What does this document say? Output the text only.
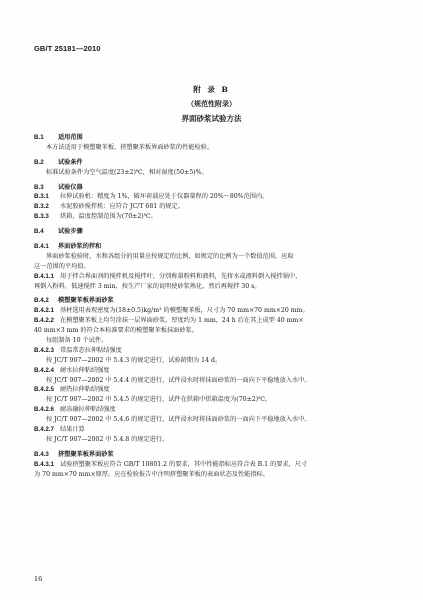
GB/T 25181—2010
附 录 B
（规范性附录）
界面砂浆试验方法
B.1 适用范围
本方法适用于模塑聚苯板、挤塑聚苯板界面砂浆的性能检验。
B.2 试验条件
标准试验条件为空气温度(23±2)℃，相对湿度(50±5)%。
B.3 试验仪器
B.3.1 拉伸试验机：精度为 1%，破坏荷载应处于仪器量程的 20%～80%范围内。
B.3.2 水泥胶砂搅拌机：应符合 JC/T 681 的规定。
B.3.3 烘箱，温度控制范围为(70±2)℃。
B.4 试验步骤
B.4.1 界面砂浆的拌和
界面砂浆检验时，水和各组分的用量应按规定的比例，如规定的比例为一个数值范围，应取
这一范围的平均值。
B.4.1.1 用于拌合界面剂的搅拌机及搅拌叶，分别称量粉料和液料，先将水或液料倒入搅拌锅中，
再倒入粉料，低速搅拌 3 min，按生产厂家的说明使砂浆熟化，然后再搅拌 30 s。
B.4.2 模塑聚苯板界面砂浆
B.4.2.1 基材选用表观密度为(18±0.5)kg/m³ 的模塑聚苯板，尺寸为 70 mm×70 mm×20 mm。
B.4.2.2 在模塑聚苯板上均匀涂抹一层界面砂浆，厚度约为 1 mm，24 h 后在其上成型 40 mm×
40 mm×3 mm 的符合本标准要求的模塑聚苯板抹面砂浆。
每组制备 10 个试件。
B.4.2.3 常温常态拉伸粘结强度
按 JC/T 907—2002 中 5.4.3 的规定进行，试验龄期为 14 d。
B.4.2.4 耐水拉伸粘结强度
按 JC/T 907—2002 中 5.4.4 的规定进行，试件浸水时将抹面砂浆的一面向下平稳地放入水中。
B.4.2.5 耐热拉伸粘结强度
按 JC/T 907—2002 中 5.4.5 的规定进行，试件在烘箱中烘箱温度为(70±2)℃。
B.4.2.6 耐冻融拉伸粘结强度
按 JC/T 907—2002 中 5.4.6 的规定进行，试件浸水时将抹面砂浆的一面向下平稳地放入水中。
B.4.2.7 结果计算
按 JC/T 907—2002 中 5.4.8 的规定进行。
B.4.3 挤塑聚苯板界面砂浆
B.4.3.1 试验挤塑聚苯板应符合 GB/T 10801.2 的要求，其中性能指标应符合表 B.1 的要求，尺寸
为 70 mm×70 mm×原厚。应在检验报告中注明挤塑聚苯板的表面状态及性能指标。
16
